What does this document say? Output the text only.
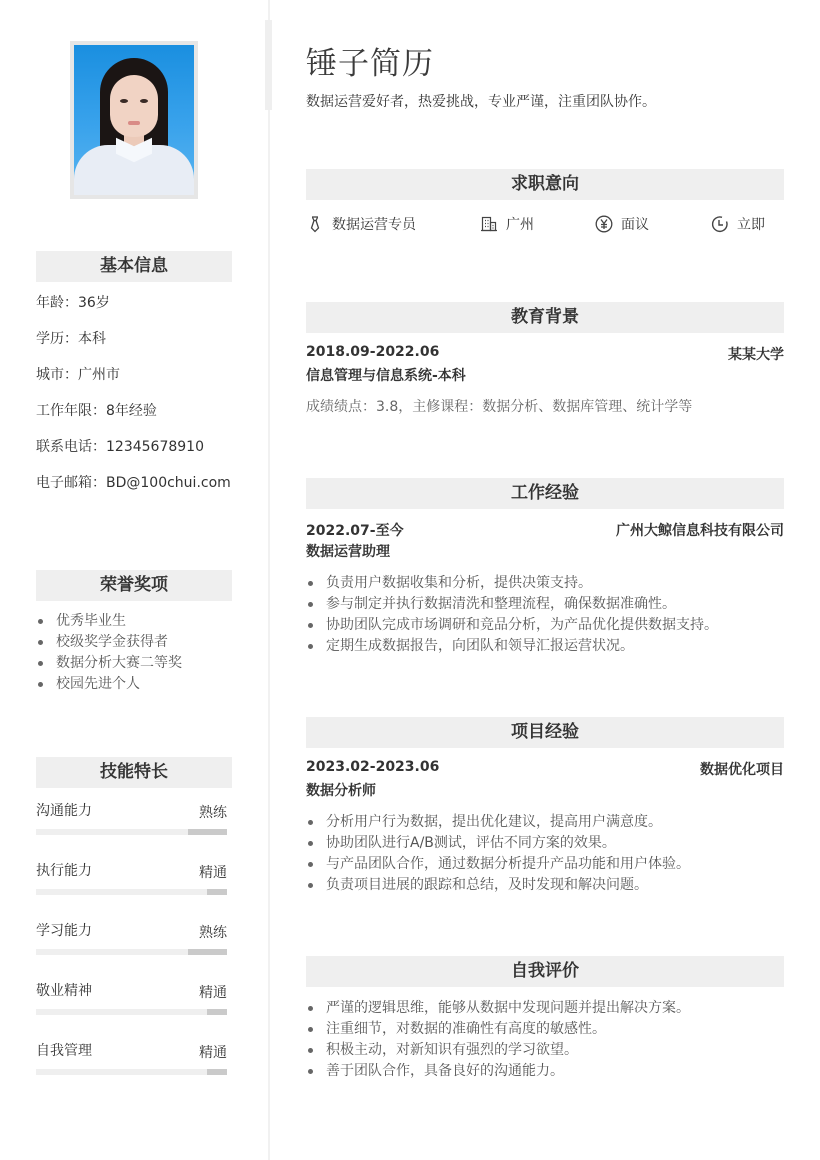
基本信息
年龄：36岁
学历：本科
城市：广州市
工作年限：8年经验
联系电话：12345678910
电子邮箱：BD@100chui.com
荣誉奖项
优秀毕业生
校级奖学金获得者
数据分析大赛二等奖
校园先进个人
技能特长
沟通能力	熟练
执行能力	精通
学习能力	熟练
敬业精神	精通
自我管理	精通
锤子简历
数据运营爱好者，热爱挑战，专业严谨，注重团队协作。
求职意向
数据运营专员	广州	面议	立即
教育背景
2018.09-2022.06	某某大学
信息管理与信息系统-本科
成绩绩点：3.8，主修课程：数据分析、数据库管理、统计学等
工作经验
2022.07-至今	广州大鲸信息科技有限公司
数据运营助理
负责用户数据收集和分析，提供决策支持。
参与制定并执行数据清洗和整理流程，确保数据准确性。
协助团队完成市场调研和竞品分析，为产品优化提供数据支持。
定期生成数据报告，向团队和领导汇报运营状况。
项目经验
2023.02-2023.06	数据优化项目
数据分析师
分析用户行为数据，提出优化建议，提高用户满意度。
协助团队进行A/B测试，评估不同方案的效果。
与产品团队合作，通过数据分析提升产品功能和用户体验。
负责项目进展的跟踪和总结，及时发现和解决问题。
自我评价
严谨的逻辑思维，能够从数据中发现问题并提出解决方案。
注重细节，对数据的准确性有高度的敏感性。
积极主动，对新知识有强烈的学习欲望。
善于团队合作，具备良好的沟通能力。
